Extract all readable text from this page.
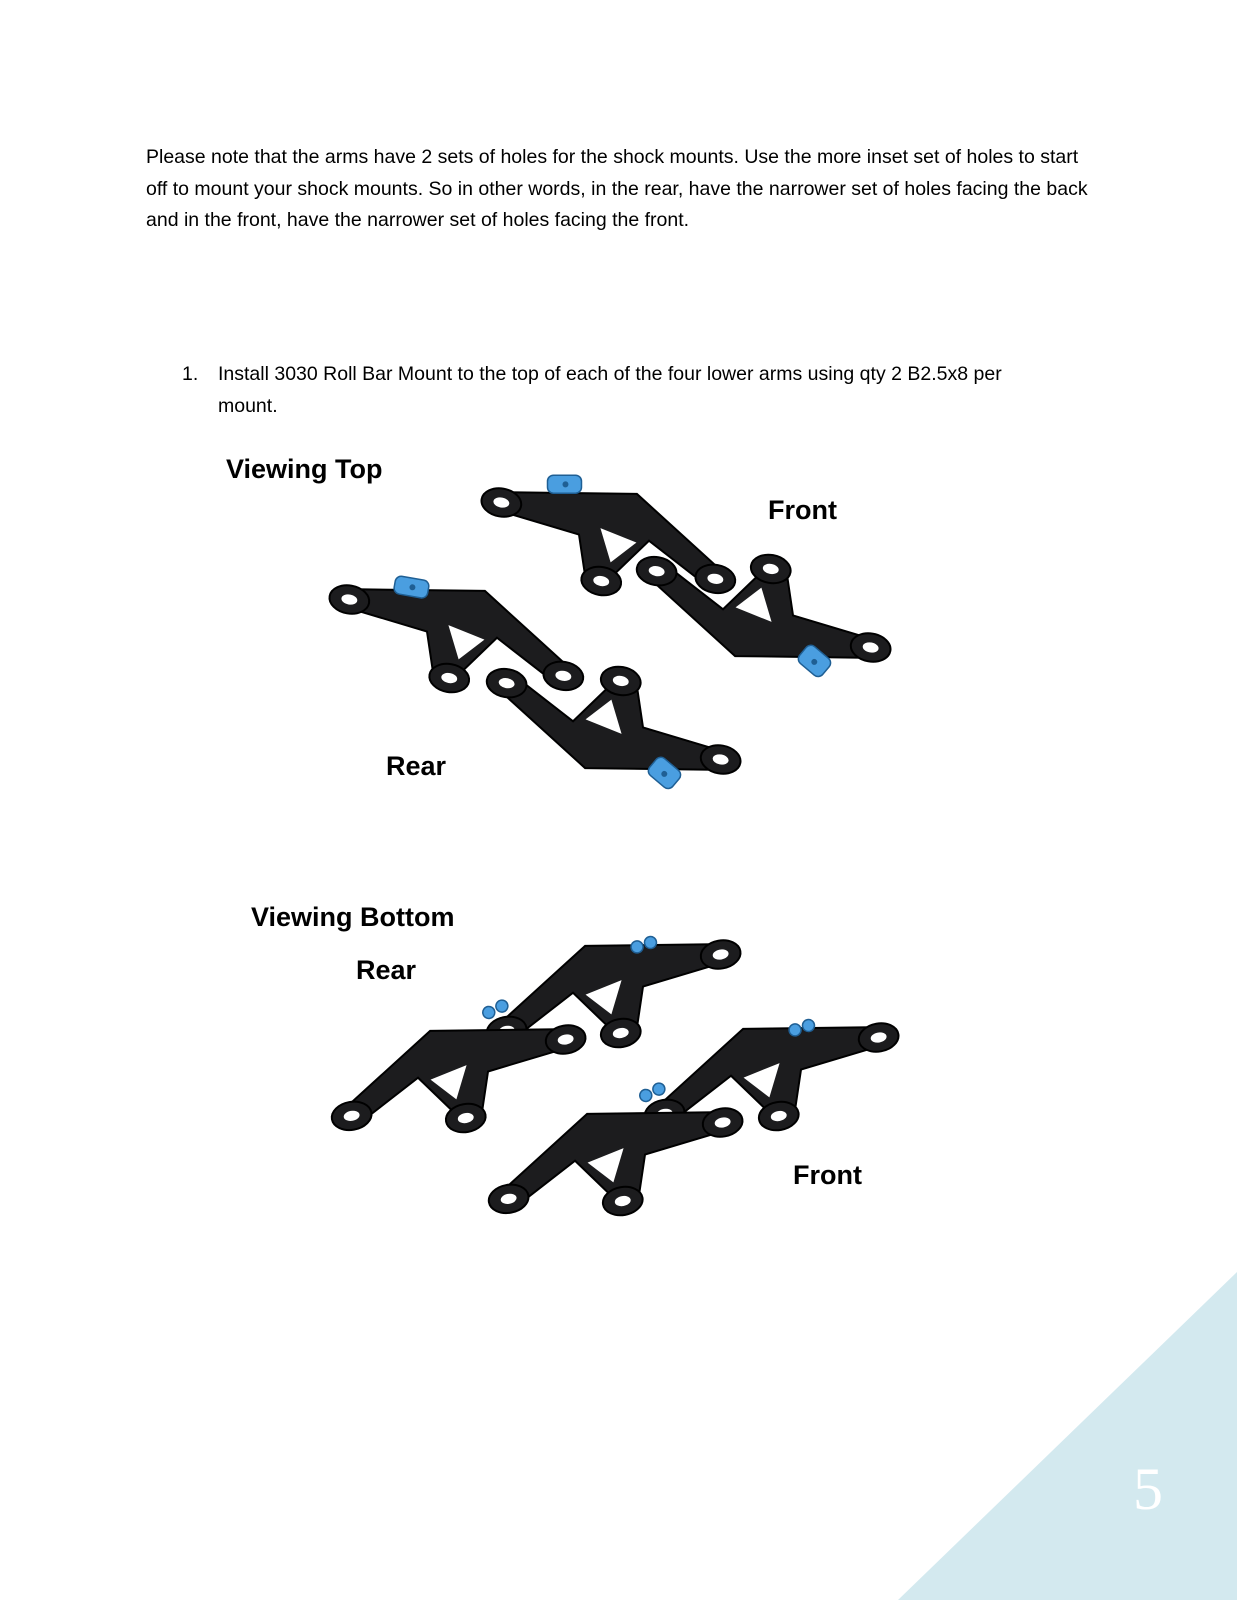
Please note that the arms have 2 sets of holes for the shock mounts. Use the more inset set of holes to start off to mount your shock mounts. So in other words, in the rear, have the narrower set of holes facing the back and in the front, have the narrower set of holes facing the front.

1. Install 3030 Roll Bar Mount to the top of each of the four lower arms using qty 2 B2.5x8 per mount.
Viewing Top
Front
Rear
Viewing Bottom
Rear
Front
5
